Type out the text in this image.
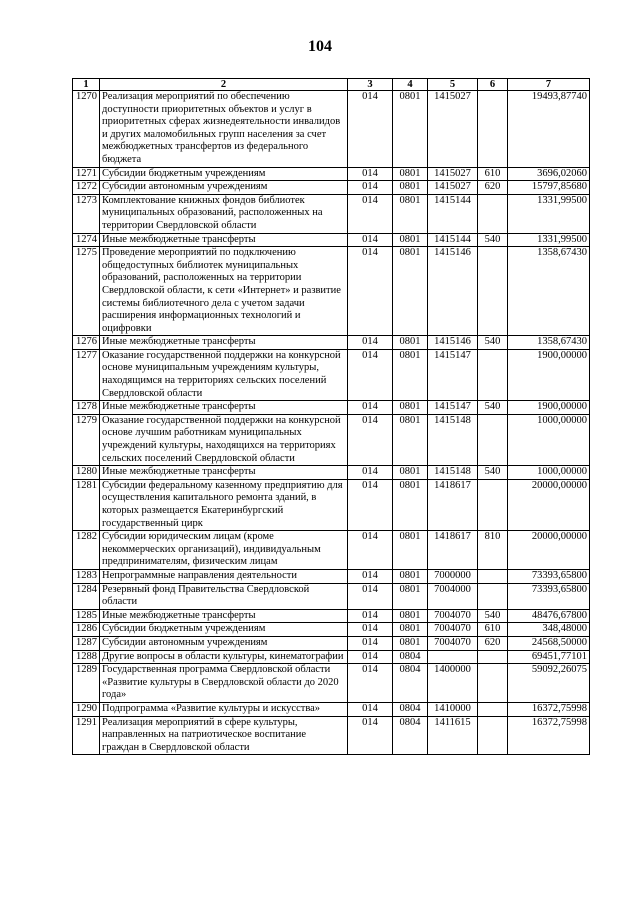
104
1	2	3	4	5	6	7
1270	Реализация мероприятий по обеспечению доступности приоритетных объектов и услуг в приоритетных сферах жизнедеятельности инвалидов и других маломобильных групп населения за счет межбюджетных трансфертов из федерального бюджета	014	0801	1415027		19493,87740
1271	Субсидии бюджетным учреждениям	014	0801	1415027	610	3696,02060
1272	Субсидии автономным учреждениям	014	0801	1415027	620	15797,85680
1273	Комплектование книжных фондов библиотек муниципальных образований, расположенных на территории Свердловской области	014	0801	1415144		1331,99500
1274	Иные межбюджетные трансферты	014	0801	1415144	540	1331,99500
1275	Проведение мероприятий по подключению общедоступных библиотек муниципальных образований, расположенных на территории Свердловской области, к сети «Интернет» и развитие системы библиотечного дела с учетом задачи расширения информационных технологий и оцифровки	014	0801	1415146		1358,67430
1276	Иные межбюджетные трансферты	014	0801	1415146	540	1358,67430
1277	Оказание государственной поддержки на конкурсной основе муниципальным учреждениям культуры, находящимся на территориях сельских поселений Свердловской области	014	0801	1415147		1900,00000
1278	Иные межбюджетные трансферты	014	0801	1415147	540	1900,00000
1279	Оказание государственной поддержки на конкурсной основе лучшим работникам муниципальных учреждений культуры, находящихся на территориях сельских поселений Свердловской области	014	0801	1415148		1000,00000
1280	Иные межбюджетные трансферты	014	0801	1415148	540	1000,00000
1281	Субсидии федеральному казенному предприятию для осуществления капитального ремонта зданий, в которых размещается Екатеринбургский государственный цирк	014	0801	1418617		20000,00000
1282	Субсидии юридическим лицам (кроме некоммерческих организаций), индивидуальным предпринимателям, физическим лицам	014	0801	1418617	810	20000,00000
1283	Непрограммные направления деятельности	014	0801	7000000		73393,65800
1284	Резервный фонд Правительства Свердловской области	014	0801	7004000		73393,65800
1285	Иные межбюджетные трансферты	014	0801	7004070	540	48476,67800
1286	Субсидии бюджетным учреждениям	014	0801	7004070	610	348,48000
1287	Субсидии автономным учреждениям	014	0801	7004070	620	24568,50000
1288	Другие вопросы в области культуры, кинематографии	014	0804			69451,77101
1289	Государственная программа Свердловской области «Развитие культуры в Свердловской области до 2020 года»	014	0804	1400000		59092,26075
1290	Подпрограмма «Развитие культуры и искусства»	014	0804	1410000		16372,75998
1291	Реализация мероприятий в сфере культуры, направленных на патриотическое воспитание граждан в Свердловской области	014	0804	1411615		16372,75998
